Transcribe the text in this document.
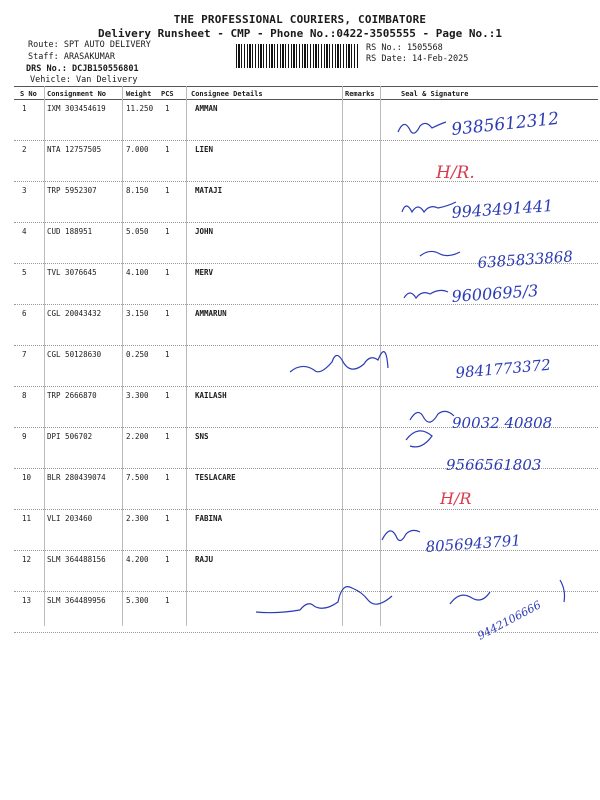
THE PROFESSIONAL COURIERS, COIMBATORE
Delivery Runsheet - CMP - Phone No.:0422-3505555 - Page No.:1
Route: SPT AUTO DELIVERY
Staff: ARASAKUMAR
DRS No.: DCJB150556801
Vehicle: Van Delivery
RS No.: 1505568
RS Date: 14-Feb-2025
S No Consignment No	Weight PCS Consignee Details	Remarks	Seal & Signature
1	IXM 303454619	11.250 1	AMMAN
2	NTA 12757505	7.000 1	LIEN
3	TRP 5952307	8.150 1	MATAJI
4	CUD 188951	5.050 1	JOHN
5	TVL 3076645	4.100 1	MERV
6	CGL 20043432	3.150 1	AMMARUN
7	CGL 50128630	0.250 1
8	TRP 2666870	3.300 1	KAILASH
9	DPI 506702	2.200 1	SNS
10 BLR 280439074	7.500 1	TESLACARE
11 VLI 203460	2.300 1	FABINA
12 SLM 364488156	4.200 1	RAJU
13 SLM 364489956	5.300 1
9385612312
H/R.
9943491441
6385833868
9600695/3
9841773372
90032 40808
9566561803
H/R
8056943791
9442106666
